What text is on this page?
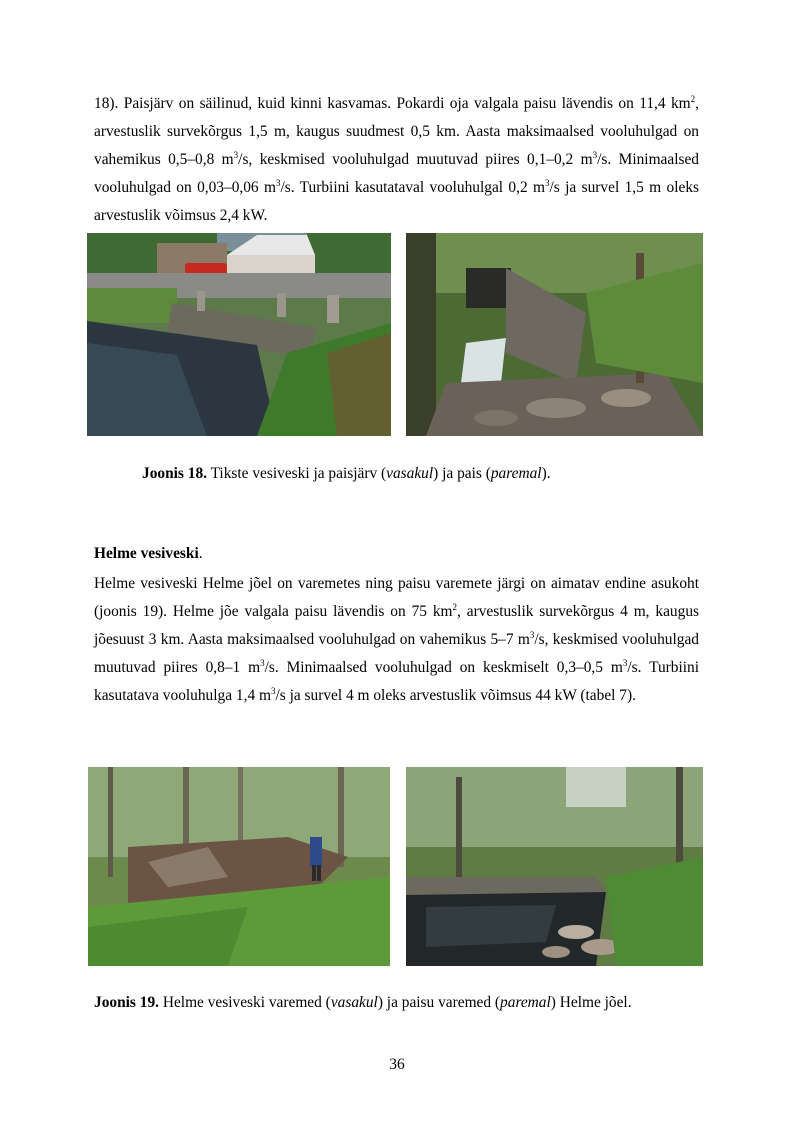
18). Paisjärv on säilinud, kuid kinni kasvamas. Pokardi oja valgala paisu lävendis on 11,4 $km^2$, arvestuslik survekõrgus 1,5 m, kaugus suudmest 0,5 km. Aasta maksimaalsed vooluhulgad on vahemikus 0,5–0,8 $m^3/s$, keskmised vooluhulgad muutuvad piires 0,1–0,2 $m^3/s$. Minimaalsed vooluhulgad on 0,03–0,06 $m^3/s$. Turbiini kasutataval vooluhulgal 0,2 $m^3/s$ ja survel 1,5 m oleks arvestuslik võimsus 2,4 kW.

Joonis 18. Tikste vesiveski ja paisjärv (vasakul) ja pais (paremal).
Helme vesiveski.

Helme vesiveski Helme jõel on varemetes ning paisu varemete järgi on aimatav endine asukoht (joonis 19). Helme jõe valgala paisu lävendis on 75 $km^2$, arvestuslik survekõrgus 4 m, kaugus jõesuust 3 km. Aasta maksimaalsed vooluhulgad on vahemikus 5–7 $m^3/s$, keskmised vooluhulgad muutuvad piires 0,8–1 $m^3/s$. Minimaalsed vooluhulgad on keskmiselt 0,3–0,5 $m^3/s$. Turbiini kasutatava vooluhulga 1,4 $m^3/s$ ja survel 4 m oleks arvestuslik võimsus 44 kW (tabel 7).

Joonis 19. Helme vesiveski varemed (vasakul) ja paisu varemed (paremal) Helme jõel.
36
